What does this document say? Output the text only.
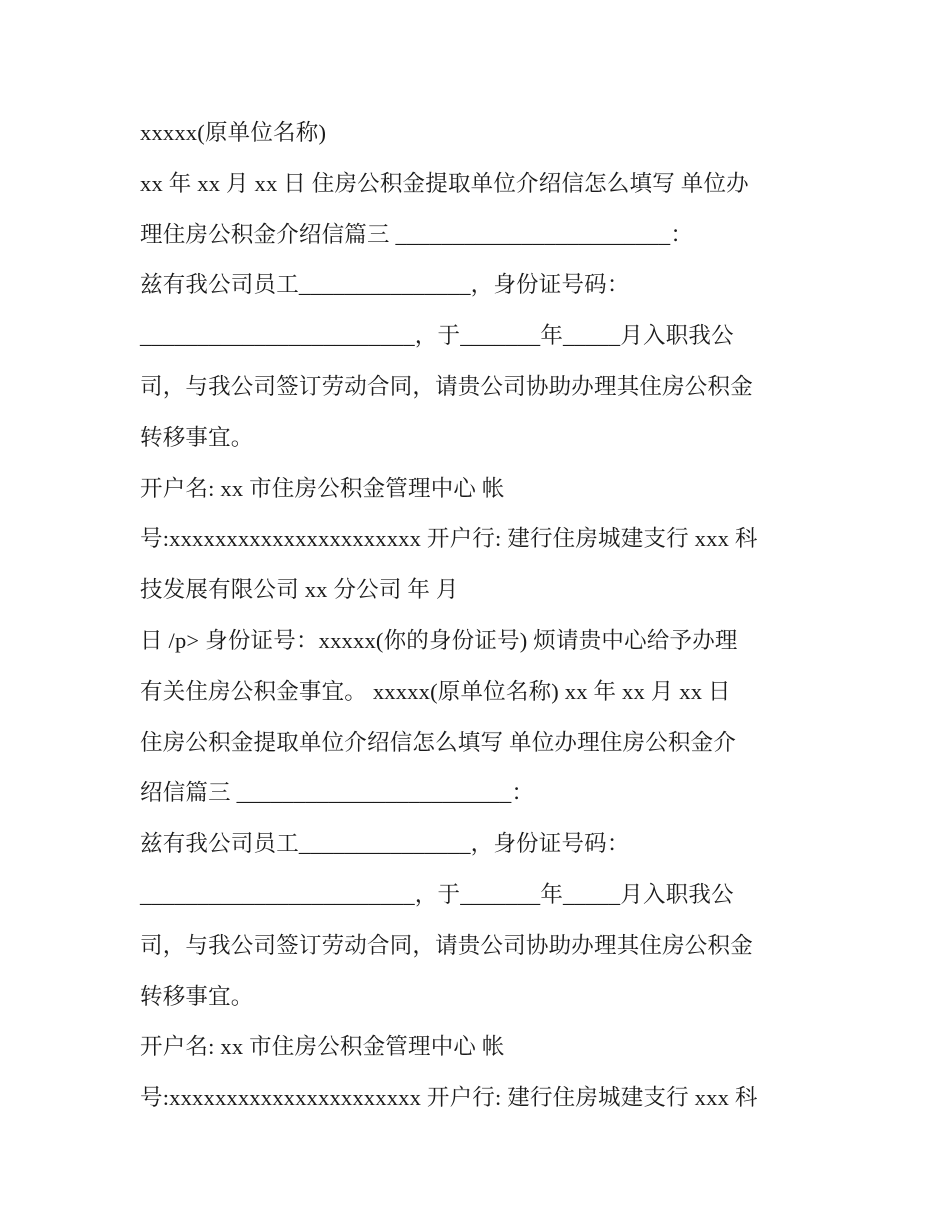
xxxxx(原单位名称)
xx 年 xx 月 xx 日 住房公积金提取单位介绍信怎么填写 单位办
理住房公积金介绍信篇三 ________________________：
兹有我公司员工_______________，身份证号码：
________________________，于_______年_____月入职我公
司，与我公司签订劳动合同，请贵公司协助办理其住房公积金
转移事宜。
开户名: xx 市住房公积金管理中心 帐
号:xxxxxxxxxxxxxxxxxxxxxx 开户行: 建行住房城建支行 xxx 科
技发展有限公司 xx 分公司 年 月
日 /p> 身份证号：xxxxx(你的身份证号) 烦请贵中心给予办理
有关住房公积金事宜。 xxxxx(原单位名称) xx 年 xx 月 xx 日
住房公积金提取单位介绍信怎么填写 单位办理住房公积金介
绍信篇三 ________________________：
兹有我公司员工_______________，身份证号码：
________________________，于_______年_____月入职我公
司，与我公司签订劳动合同，请贵公司协助办理其住房公积金
转移事宜。
开户名: xx 市住房公积金管理中心 帐
号:xxxxxxxxxxxxxxxxxxxxxx 开户行: 建行住房城建支行 xxx 科
